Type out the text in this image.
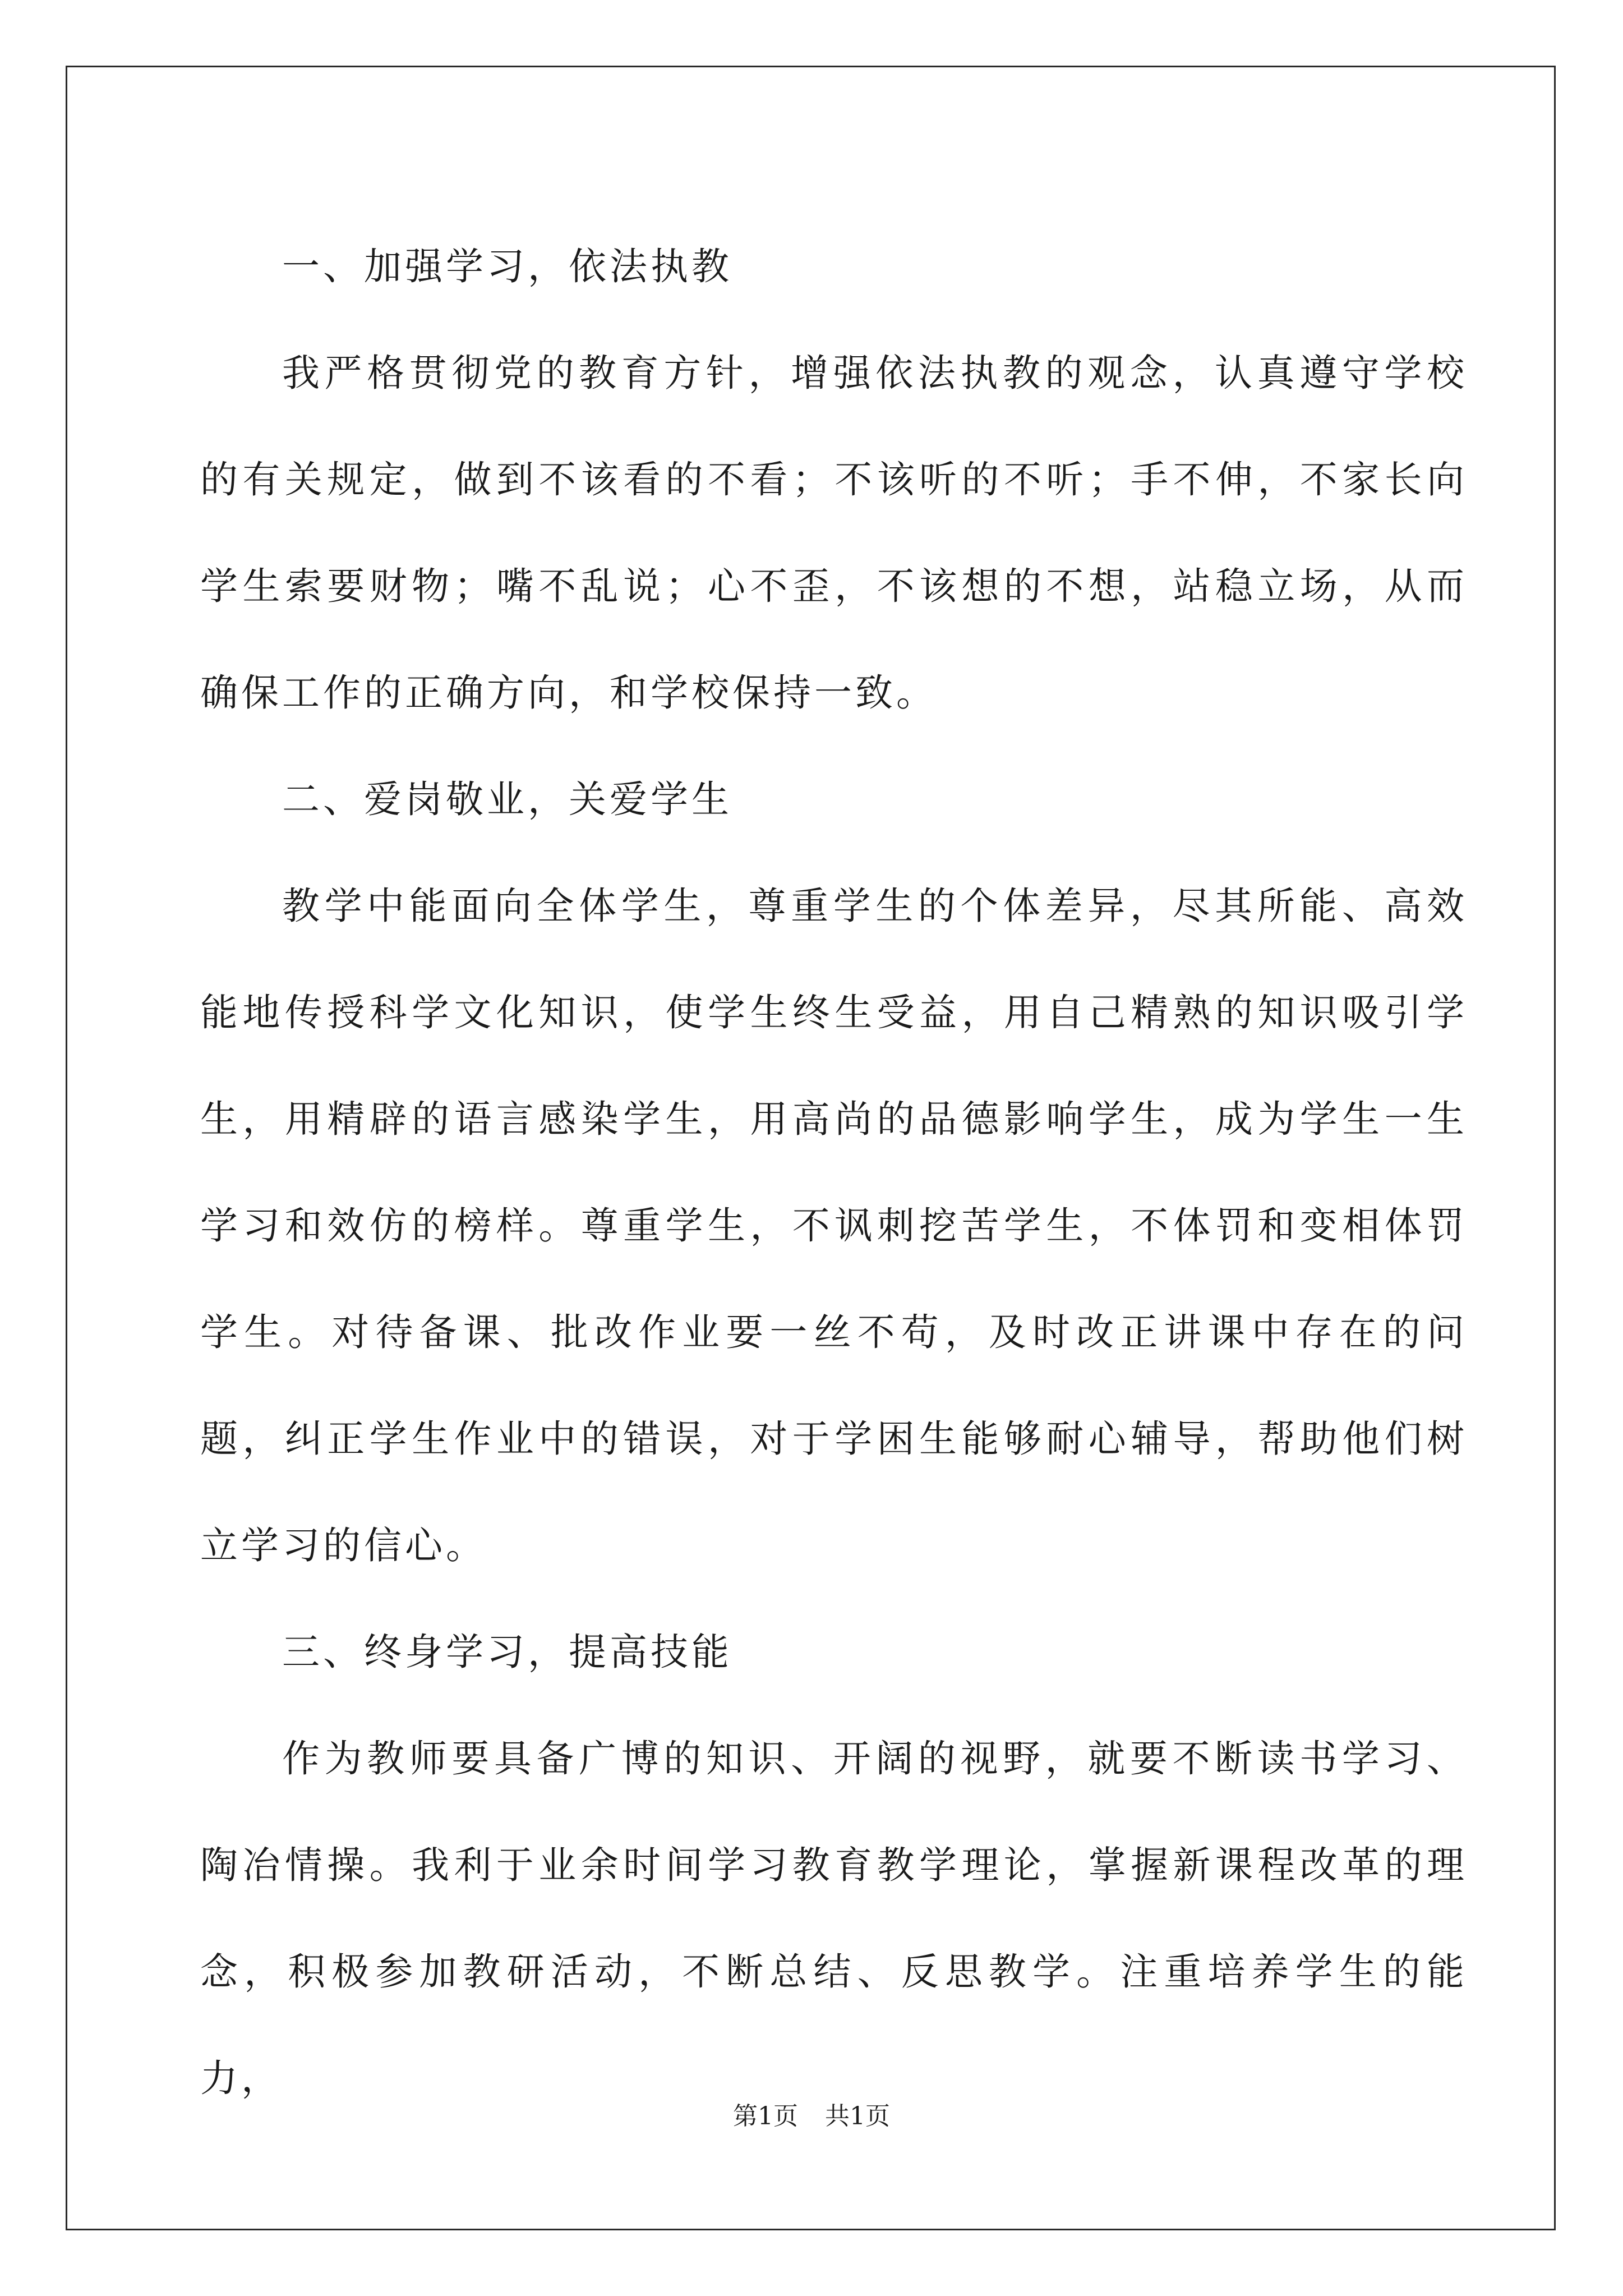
一、加强学习，依法执教

我严格贯彻党的教育方针，增强依法执教的观念，认真遵守学校的有关规定，做到不该看的不看；不该听的不听；手不伸，不家长向学生索要财物；嘴不乱说；心不歪，不该想的不想，站稳立场，从而确保工作的正确方向，和学校保持一致。

二、爱岗敬业，关爱学生

教学中能面向全体学生，尊重学生的个体差异，尽其所能、高效能地传授科学文化知识，使学生终生受益，用自己精熟的知识吸引学生，用精辟的语言感染学生，用高尚的品德影响学生，成为学生一生学习和效仿的榜样。尊重学生，不讽刺挖苦学生，不体罚和变相体罚学生。对待备课、批改作业要一丝不苟，及时改正讲课中存在的问题，纠正学生作业中的错误，对于学困生能够耐心辅导，帮助他们树立学习的信心。

三、终身学习，提高技能

作为教师要具备广博的知识、开阔的视野，就要不断读书学习、陶冶情操。我利于业余时间学习教育教学理论，掌握新课程改革的理念，积极参加教研活动，不断总结、反思教学。注重培养学生的能力，

第1页 共1页
